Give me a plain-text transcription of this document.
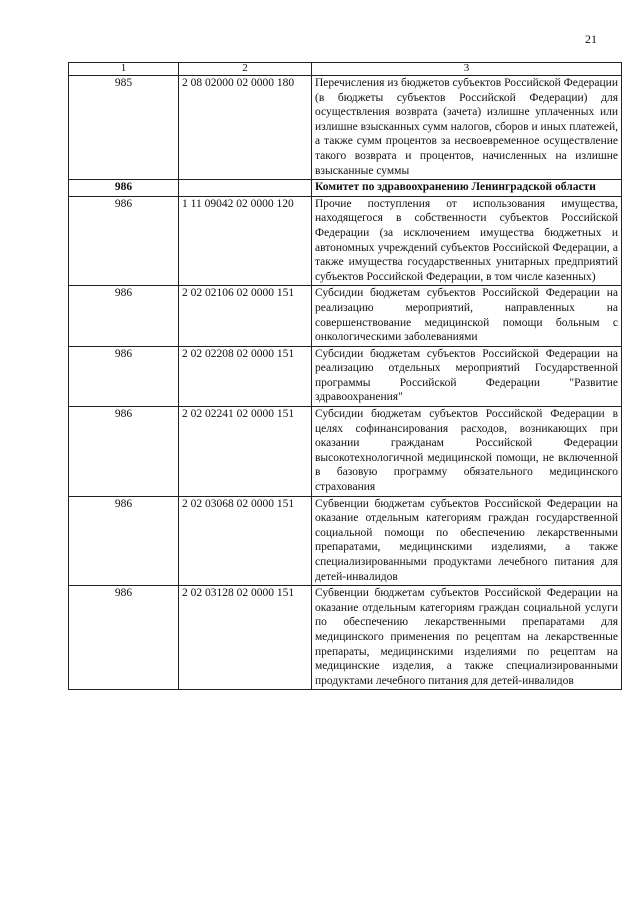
21
1	2	3
985	2 08 02000 02 0000 180	Перечисления из бюджетов субъектов Российской Федерации (в бюджеты субъектов Российской Федерации) для осуществления возврата (зачета) излишне уплаченных или излишне взысканных сумм налогов, сборов и иных платежей, а также сумм процентов за несвоевременное осуществление такого возврата и процентов, начисленных на излишне взысканные суммы
986		Комитет по здравоохранению Ленинградской области
986	1 11 09042 02 0000 120	Прочие поступления от использования имущества, находящегося в собственности субъектов Российской Федерации (за исключением имущества бюджетных и автономных учреждений субъектов Российской Федерации, а также имущества государственных унитарных предприятий субъектов Российской Федерации, в том числе казенных)
986	2 02 02106 02 0000 151	Субсидии бюджетам субъектов Российской Федерации на реализацию мероприятий, направленных на совершенствование медицинской помощи больным с онкологическими заболеваниями
986	2 02 02208 02 0000 151	Субсидии бюджетам субъектов Российской Федерации на реализацию отдельных мероприятий Государственной программы Российской Федерации "Развитие здравоохранения"
986	2 02 02241 02 0000 151	Субсидии бюджетам субъектов Российской Федерации в целях софинансирования расходов, возникающих при оказании гражданам Российской Федерации высокотехнологичной медицинской помощи, не включенной в базовую программу обязательного медицинского страхования
986	2 02 03068 02 0000 151	Субвенции бюджетам субъектов Российской Федерации на оказание отдельным категориям граждан государственной социальной помощи по обеспечению лекарственными препаратами, медицинскими изделиями, а также специализированными продуктами лечебного питания для детей-инвалидов
986	2 02 03128 02 0000 151	Субвенции бюджетам субъектов Российской Федерации на оказание отдельным категориям граждан социальной услуги по обеспечению лекарственными препаратами для медицинского применения по рецептам на лекарственные препараты, медицинскими изделиями по рецептам на медицинские изделия, а также специализированными продуктами лечебного питания для детей-инвалидов
